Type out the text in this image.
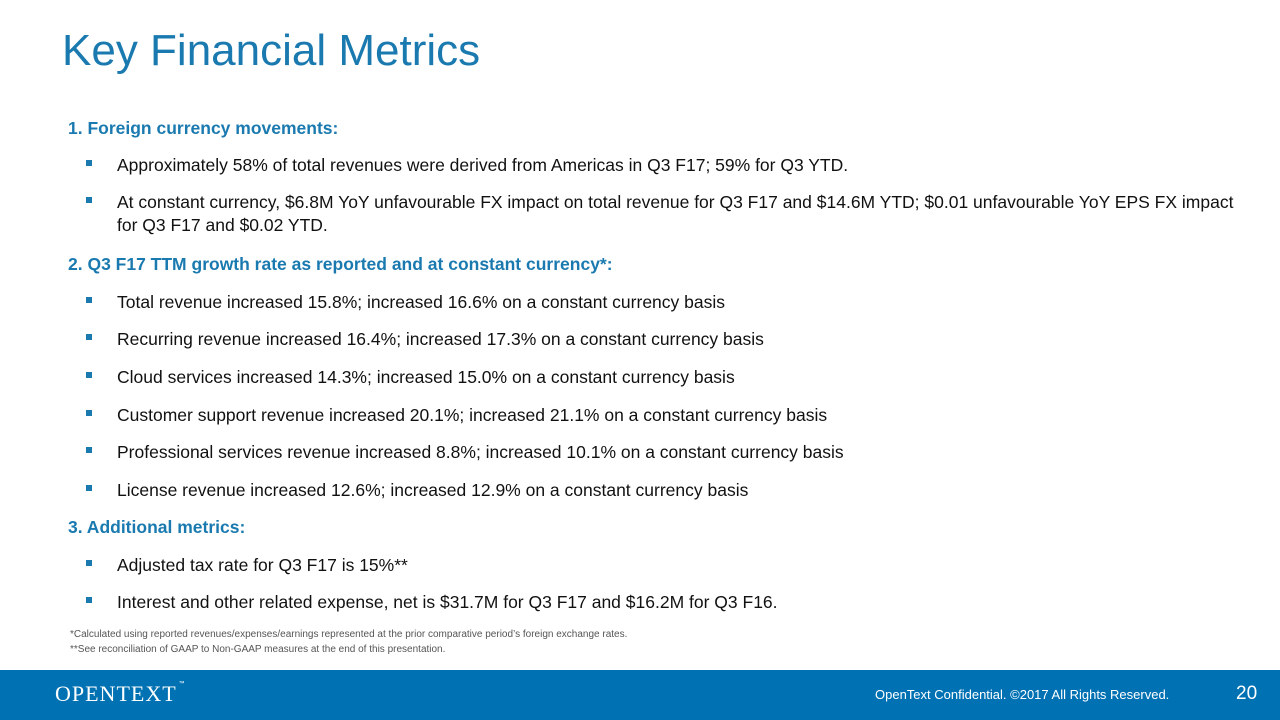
Key Financial Metrics
1. Foreign currency movements:
Approximately 58% of total revenues were derived from Americas in Q3 F17; 59% for Q3 YTD.
At constant currency, $6.8M YoY unfavourable FX impact on total revenue for Q3 F17 and $14.6M YTD; $0.01 unfavourable YoY EPS FX impact for Q3 F17 and $0.02 YTD.
2. Q3 F17 TTM growth rate as reported and at constant currency*:
Total revenue increased 15.8%; increased 16.6% on a constant currency basis
Recurring revenue increased 16.4%; increased 17.3% on a constant currency basis
Cloud services increased 14.3%; increased 15.0% on a constant currency basis
Customer support revenue increased 20.1%; increased 21.1% on a constant currency basis
Professional services revenue increased 8.8%; increased 10.1% on a constant currency basis
License revenue increased 12.6%; increased 12.9% on a constant currency basis
3. Additional metrics:
Adjusted tax rate for Q3 F17 is 15%**
Interest and other related expense, net is $31.7M for Q3 F17 and $16.2M for Q3 F16.
*Calculated using reported revenues/expenses/earnings represented at the prior comparative period’s foreign exchange rates.
**See reconciliation of GAAP to Non-GAAP measures at the end of this presentation.
OPENTEXT ™
OpenText Confidential. ©2017 All Rights Reserved.	20
